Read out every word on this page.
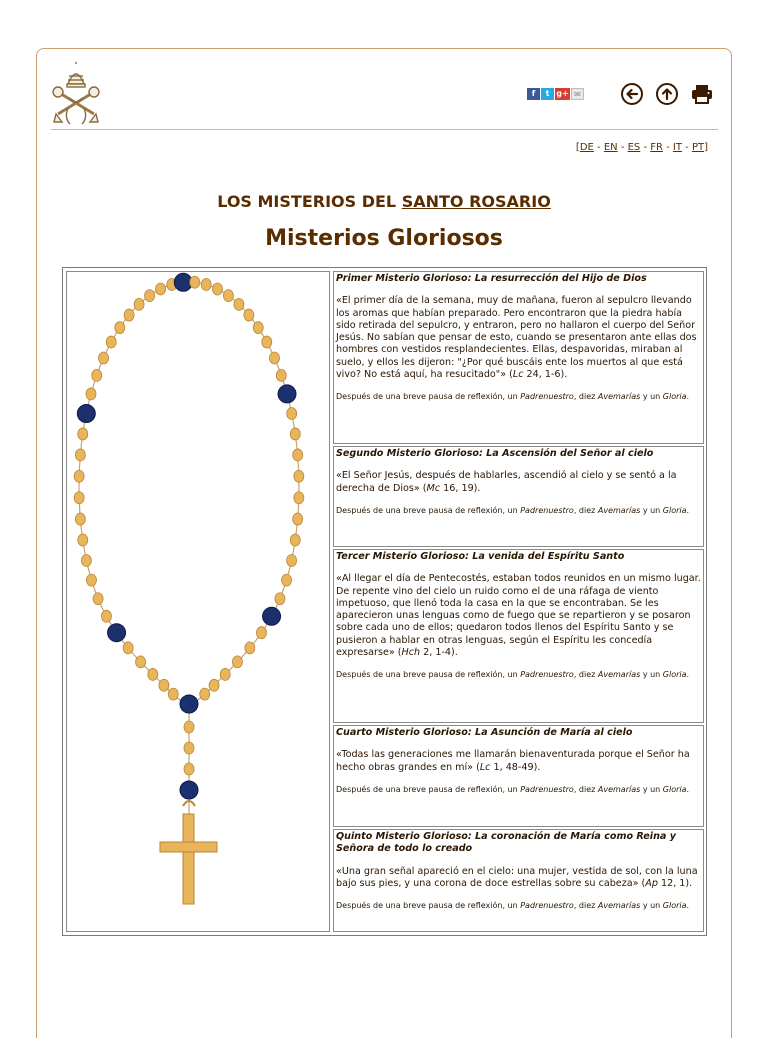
f	t g+ ✉
[DE - EN - ES - FR - IT - PT]
LOS MISTERIOS DEL SANTO ROSARIO
Misterios Gloriosos
Primer Misterio Glorioso: La resurrección del Hijo de Dios
«El primer día de la semana, muy de mañana, fueron al sepulcro llevando los aromas que habían preparado. Pero encontraron que la piedra había sido retirada del sepulcro, y entraron, pero no hallaron el cuerpo del Señor Jesús. No sabían que pensar de esto, cuando se presentaron ante ellas dos hombres con vestidos resplandecientes. Ellas, despavoridas, miraban al suelo, y ellos les dijeron: "¿Por qué buscáis ente los muertos al que está vivo? No está aquí, ha resucitado"» (Lc 24, 1-6).
Después de una breve pausa de reflexión, un Padrenuestro, diez Avemarías y un Gloria.
Segundo Misterio Glorioso: La Ascensión del Señor al cielo
«El Señor Jesús, después de hablarles, ascendió al cielo y se sentó a la derecha de Dios» (Mc 16, 19).
Después de una breve pausa de reflexión, un Padrenuestro, diez Avemarías y un Gloria.
Tercer Misterio Glorioso: La venida del Espíritu Santo
«Al llegar el día de Pentecostés, estaban todos reunidos en un mismo lugar. De repente vino del cielo un ruido como el de una ráfaga de viento impetuoso, que llenó toda la casa en la que se encontraban. Se les aparecieron unas lenguas como de fuego que se repartieron y se posaron sobre cada uno de ellos; quedaron todos llenos del Espíritu Santo y se pusieron a hablar en otras lenguas, según el Espíritu les concedía expresarse» (Hch 2, 1-4).
Después de una breve pausa de reflexión, un Padrenuestro, diez Avemarías y un Gloria.
Cuarto Misterio Glorioso: La Asunción de María al cielo
«Todas las generaciones me llamarán bienaventurada porque el Señor ha hecho obras grandes en mí» (Lc 1, 48-49).
Después de una breve pausa de reflexión, un Padrenuestro, diez Avemarías y un Gloria.
Quinto Misterio Glorioso: La coronación de María como Reina y Señora de todo lo creado
«Una gran señal apareció en el cielo: una mujer, vestida de sol, con la luna bajo sus pies, y una corona de doce estrellas sobre su cabeza» (Ap 12, 1).
Después de una breve pausa de reflexión, un Padrenuestro, diez Avemarías y un Gloria.
